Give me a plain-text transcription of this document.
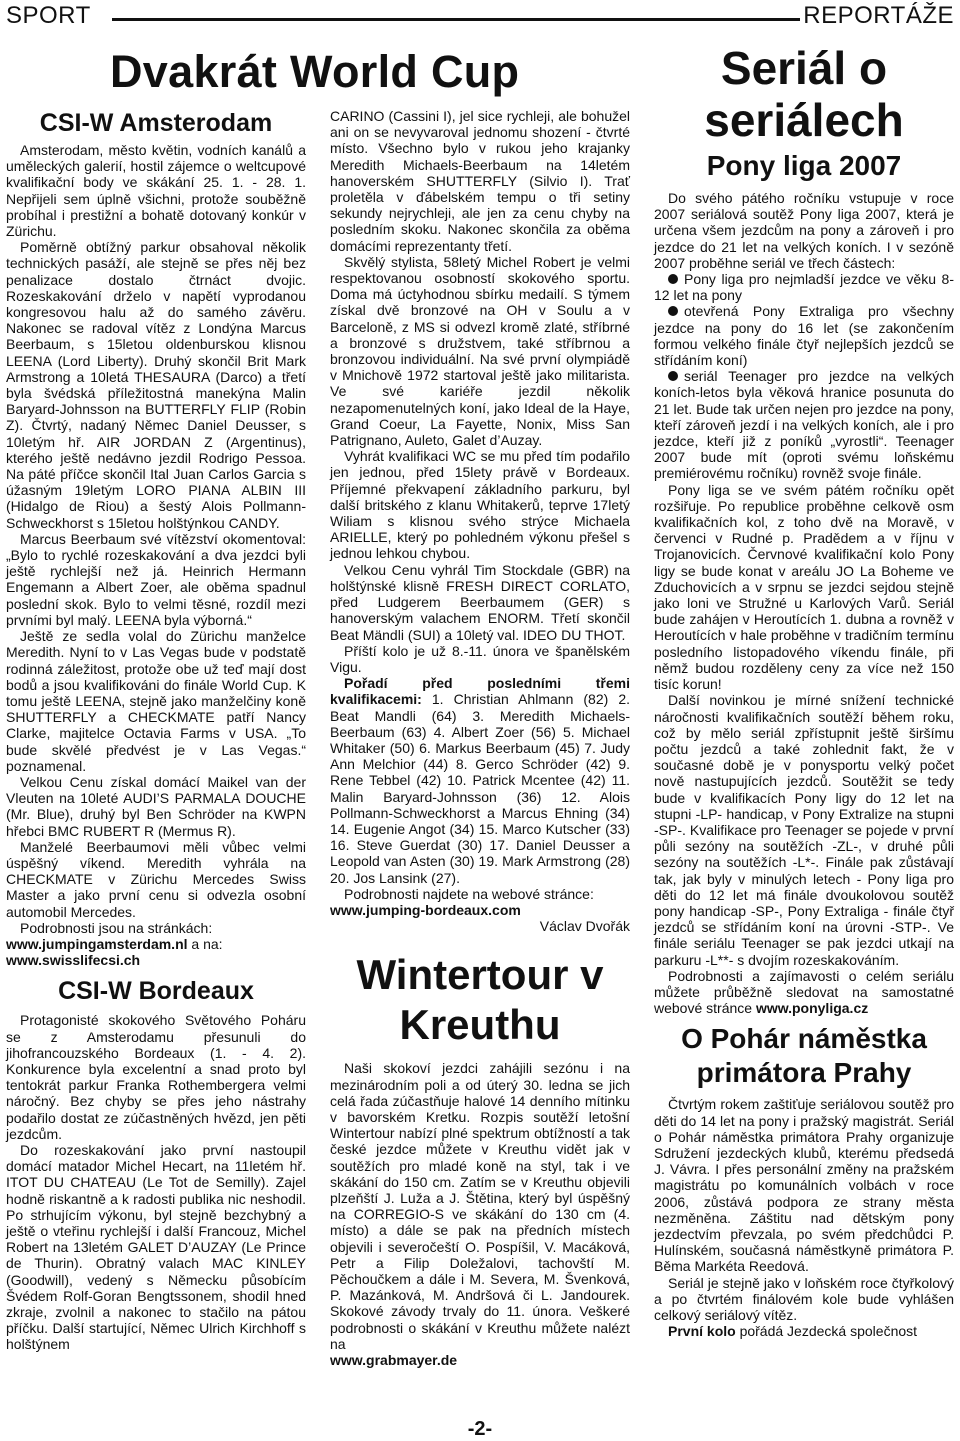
SPORT	REPORTÁŽE
Dvakrát World Cup
CSI-W Amsterodam

Amsterodam, město květin, vodních kanálů a uměleckých galerií, hostil zájemce o weltcupové kvalifikační body ve skákání 25. 1. - 28. 1. Nepřijeli sem úplně všichni, protože souběžně probíhal i prestižní a bohatě dotovaný konkúr v Zürichu.

Poměrně obtížný parkur obsahoval několik technických pasáží, ale stejně se přes něj bez penalizace dostalo čtrnáct dvojic. Rozeskakování drželo v napětí vyprodanou kongresovou halu až do samého závěru. Nakonec se radoval vítěz z Londýna Marcus Beerbaum, s 15letou oldenburskou klisnou LEENA (Lord Liberty). Druhý skončil Brit Mark Armstrong a 10letá THESAURA (Darco) a třetí byla švédská příležitostná manekýna Malin Baryard-Johnsson na BUTTERFLY FLIP (Robin Z). Čtvrtý, nadaný Němec Daniel Deusser, s 10letým hř. AIR JORDAN Z (Argentinus), kterého ještě nedávno jezdil Rodrigo Pessoa. Na páté příčce skončil Ital Juan Carlos Garcia s úžasným 19letým LORO PIANA ALBIN III (Hidalgo de Riou) a šestý Alois Pollmann-Schweckhorst s 15letou holštýnkou CANDY.

Marcus Beerbaum své vítězství okomentoval: „Bylo to rychlé rozeskakování a dva jezdci byli ještě rychlejší než já. Heinrich Hermann Engemann a Albert Zoer, ale oběma spadnul poslední skok. Bylo to velmi těsné, rozdíl mezi prvními byl malý. LEENA byla výborná.“

Ještě ze sedla volal do Zürichu manželce Meredith. Nyní to v Las Vegas bude v podstatě rodinná záležitost, protože obe už teď mají dost bodů a jsou kvalifikováni do finále World Cup. K tomu ještě LEENA, stejně jako manželčiny koně SHUTTERFLY a CHECKMATE patří Nancy Clarke, majitelce Octavia Farms v USA. „To bude skvělé předvést je v Las Vegas.“ poznamenal.

Velkou Cenu získal domácí Maikel van der Vleuten na 10leté AUDI’S PARMALA DOUCHE (Mr. Blue), druhý byl Ben Schröder na KWPN hřebci BMC RUBERT R (Mermus R).

Manželé Beerbaumovi měli vůbec velmi úspěšný víkend. Meredith vyhrála na CHECKMATE v Zürichu Mercedes Swiss Master a jako první cenu si odvezla osobní automobil Mercedes.

Podrobnosti jsou na stránkách:

www.jumpingamsterdam.nl a na:
www.swisslifecsi.ch

CSI-W Bordeaux

Protagonisté skokového Světového Poháru se z Amsterodamu přesunuli do jihofrancouzského Bordeaux (1. - 4. 2). Konkurence byla excelentní a snad proto byl tentokrát parkur Franka Rothembergera velmi náročný. Bez chyby se přes jeho nástrahy podařilo dostat ze zúčastněných hvězd, jen pěti jezdcům.

Do rozeskakování jako první nastoupil domácí matador Michel Hecart, na 11letém hř. ITOT DU CHATEAU (Le Tot de Semilly). Zajel hodně riskantně a k radosti publika nic neshodil. Po strhujícím výkonu, byl stejně bezchybný a ještě o vteřinu rychlejší i další Francouz, Michel Robert na 13letém GALET D’AUZAY (Le Prince de Thurin). Obratný valach MAC KINLEY (Goodwill), vedený s Německu působícím Švédem Rolf-Goran Bengtssonem, shodil hned zkraje, zvolnil a nakonec to stačilo na pátou příčku. Další startující, Němec Ulrich Kirchhoff s holštýnem

CARINO (Cassini I), jel sice rychleji, ale bohužel ani on se nevyvaroval jednomu shození - čtvrté místo. Všechno bylo v rukou jeho krajanky Meredith Michaels-Beerbaum na 14letém hanoverském SHUTTERFLY (Silvio I). Trať proletěla v ďábelském tempu o tři setiny sekundy nejrychleji, ale jen za cenu chyby na posledním skoku. Nakonec skončila za oběma domácími reprezentanty třetí.

Skvělý stylista, 58letý Michel Robert je velmi respektovanou osobností skokového sportu. Doma má úctyhodnou sbírku medailí. S týmem získal dvě bronzové na OH v Soulu a v Barceloně, z MS si odvezl kromě zlaté, stříbrné a bronzové s družstvem, také stříbrnou a bronzovou individuální. Na své první olympiádě v Mnichově 1972 startoval ještě jako militarista. Ve své kariéře jezdil několik nezapomenutelných koní, jako Ideal de la Haye, Grand Coeur, La Fayette, Nonix, Miss San Patrignano, Auleto, Galet d’Auzay.

Vyhrát kvalifikaci WC se mu před tím podařilo jen jednou, před 15lety právě v Bordeaux. Příjemné překvapení základního parkuru, byl další britského z klanu Whitakerů, teprve 17letý Wiliam s klisnou svého strýce Michaela ARIELLE, který po pohledném výkonu přešel s jednou lehkou chybou.

Velkou Cenu vyhrál Tim Stockdale (GBR) na holštýnské klisně FRESH DIRECT CORLATO, před Ludgerem Beerbaumem (GER) s hanoverským valachem ENORM. Třetí skončil Beat Mändli (SUI) a 10letý val. IDEO DU THOT.

Příští kolo je už 8.-11. února ve španělském Vigu.

Pořadí před posledními třemi kvalifikacemi: 1. Christian Ahlmann (82) 2. Beat Mandli (64) 3. Meredith Michaels-Beerbaum (63) 4. Albert Zoer (56) 5. Michael Whitaker (50) 6. Markus Beerbaum (45) 7. Judy Ann Melchior (44) 8. Gerco Schröder (42) 9. Rene Tebbel (42) 10. Patrick Mcentee (42) 11. Malin Baryard-Johnsson (36) 12. Alois Pollmann-Schweckhorst a Marcus Ehning (34) 14. Eugenie Angot (34) 15. Marco Kutscher (33) 16. Steve Guerdat (30) 17. Daniel Deusser a Leopold van Asten (30) 19. Mark Armstrong (28) 20. Jos Lansink (27).

Podrobnosti najdete na webové stránce:

www.jumping-bordeaux.com

Václav Dvořák

Wintertour v Kreuthu

Naši skokoví jezdci zahájili sezónu i na mezinárodním poli a od úterý 30. ledna se jich celá řada zúčastňuje halové 14 denního mítinku v bavorském Kretku. Rozpis soutěží letošní Wintertour nabízí plné spektrum obtížností a tak české jezdce můžete v Kreuthu vidět jak v soutěžích pro mladé koně na styl, tak i ve skákání do 150 cm. Zatím se v Kreuthu objevili plzeňští J. Luža a J. Štětina, který byl úspěšný na CORREGIO-S ve skákání do 130 cm (4. místo) a dále se pak na předních místech objevili i severočeští O. Pospíšil, V. Macáková, Petr a Filip Doležalovi, tachovští M. Pěchoučkem a dále i M. Severa, M. Švenková, P. Mazánková, M. Andršová či L. Jandourek. Skokové závody trvaly do 11. února. Veškeré podrobnosti o skákání v Kreuthu můžete nalézt na

www.grabmayer.de

Seriál o seriálech
Pony liga 2007

Do svého pátého ročníku vstupuje v roce 2007 seriálová soutěž Pony liga 2007, která je určena všem jezdcům na pony a zároveň i pro jezdce do 21 let na velkých koních. I v sezóně 2007 proběhne seriál ve třech částech:

Pony liga pro nejmladší jezdce ve věku 8-12 let na pony

otevřená Pony Extraliga pro všechny jezdce na pony do 16 let (se zakončením formou velkého finále čtyř nejlepších jezdců se střídáním koní)

seriál Teenager pro jezdce na velkých koních-letos byla věková hranice posunuta do 21 let. Bude tak určen nejen pro jezdce na pony, kteří zároveň jezdí i na velkých koních, ale i pro jezdce, kteří již z poníků „vyrostli“. Teenager 2007 bude mít (oproti svému loňskému premiérovému ročníku) rovněž svoje finále.

Pony liga se ve svém pátém ročníku opět rozšiřuje. Po republice proběhne celkově osm kvalifikačních kol, z toho dvě na Moravě, v červenci v Rudné p. Pradědem a v říjnu v Trojanovicích. Červnové kvalifikační kolo Pony ligy se bude konat v areálu JO La Boheme ve Zduchovicích a v srpnu se jezdci sejdou stejně jako loni ve Stružné u Karlových Varů. Seriál bude zahájen v Heroutících 1. dubna a rovněž v Heroutících v hale proběhne v tradičním termínu posledního listopadového víkendu finále, při němž budou rozděleny ceny za více než 150 tisíc korun!

Další novinkou je mírné snížení technické náročnosti kvalifikačních soutěží během roku, což by mělo seriál zpřístupnit ještě širšímu počtu jezdců a také zohlednit fakt, že v současné době je v ponysportu velký počet nově nastupujících jezdců. Soutěžit se tedy bude v kvalifikacích Pony ligy do 12 let na stupni -LP- handicap, v Pony Extralize na stupni -SP-. Kvalifikace pro Teenager se pojede v první půli sezóny na soutěžích -ZL-, v druhé půli sezóny na soutěžích -L*-. Finále pak zůstávají tak, jak byly v minulých letech - Pony liga pro děti do 12 let má finále dvoukolovou soutěž pony handicap -SP-, Pony Extraliga - finále čtyř jezdců se střídáním koní na úrovni -STP-. Ve finále seriálu Teenager se pak jezdci utkají na parkuru -L**- s dvojím rozeskakováním.

Podrobnosti a zajímavosti o celém seriálu můžete průběžně sledovat na samostatné webové stránce www.ponyliga.cz

O Pohár náměstka primátora Prahy

Čtvrtým rokem zaštiťuje seriálovou soutěž pro děti do 14 let na pony i pražský magistrát. Seriál o Pohár náměstka primátora Prahy organizuje Sdružení jezdeckých klubů, kterému předsedá J. Vávra. I přes personální změny na pražském magistrátu po komunálních volbách v roce 2006, zůstává podpora ze strany města nezměněna. Záštitu nad dětským pony jezdectvím převzala, po svém předchůdci P. Hulínském, současná náměstkyně primátora P. Běma Markéta Reedová.

Seriál je stejně jako v loňském roce čtyřkolový a po čtvrtém finálovém kole bude vyhlášen celkový seriálový vítěz.

První kolo pořádá Jezdecká společnost

-2-
